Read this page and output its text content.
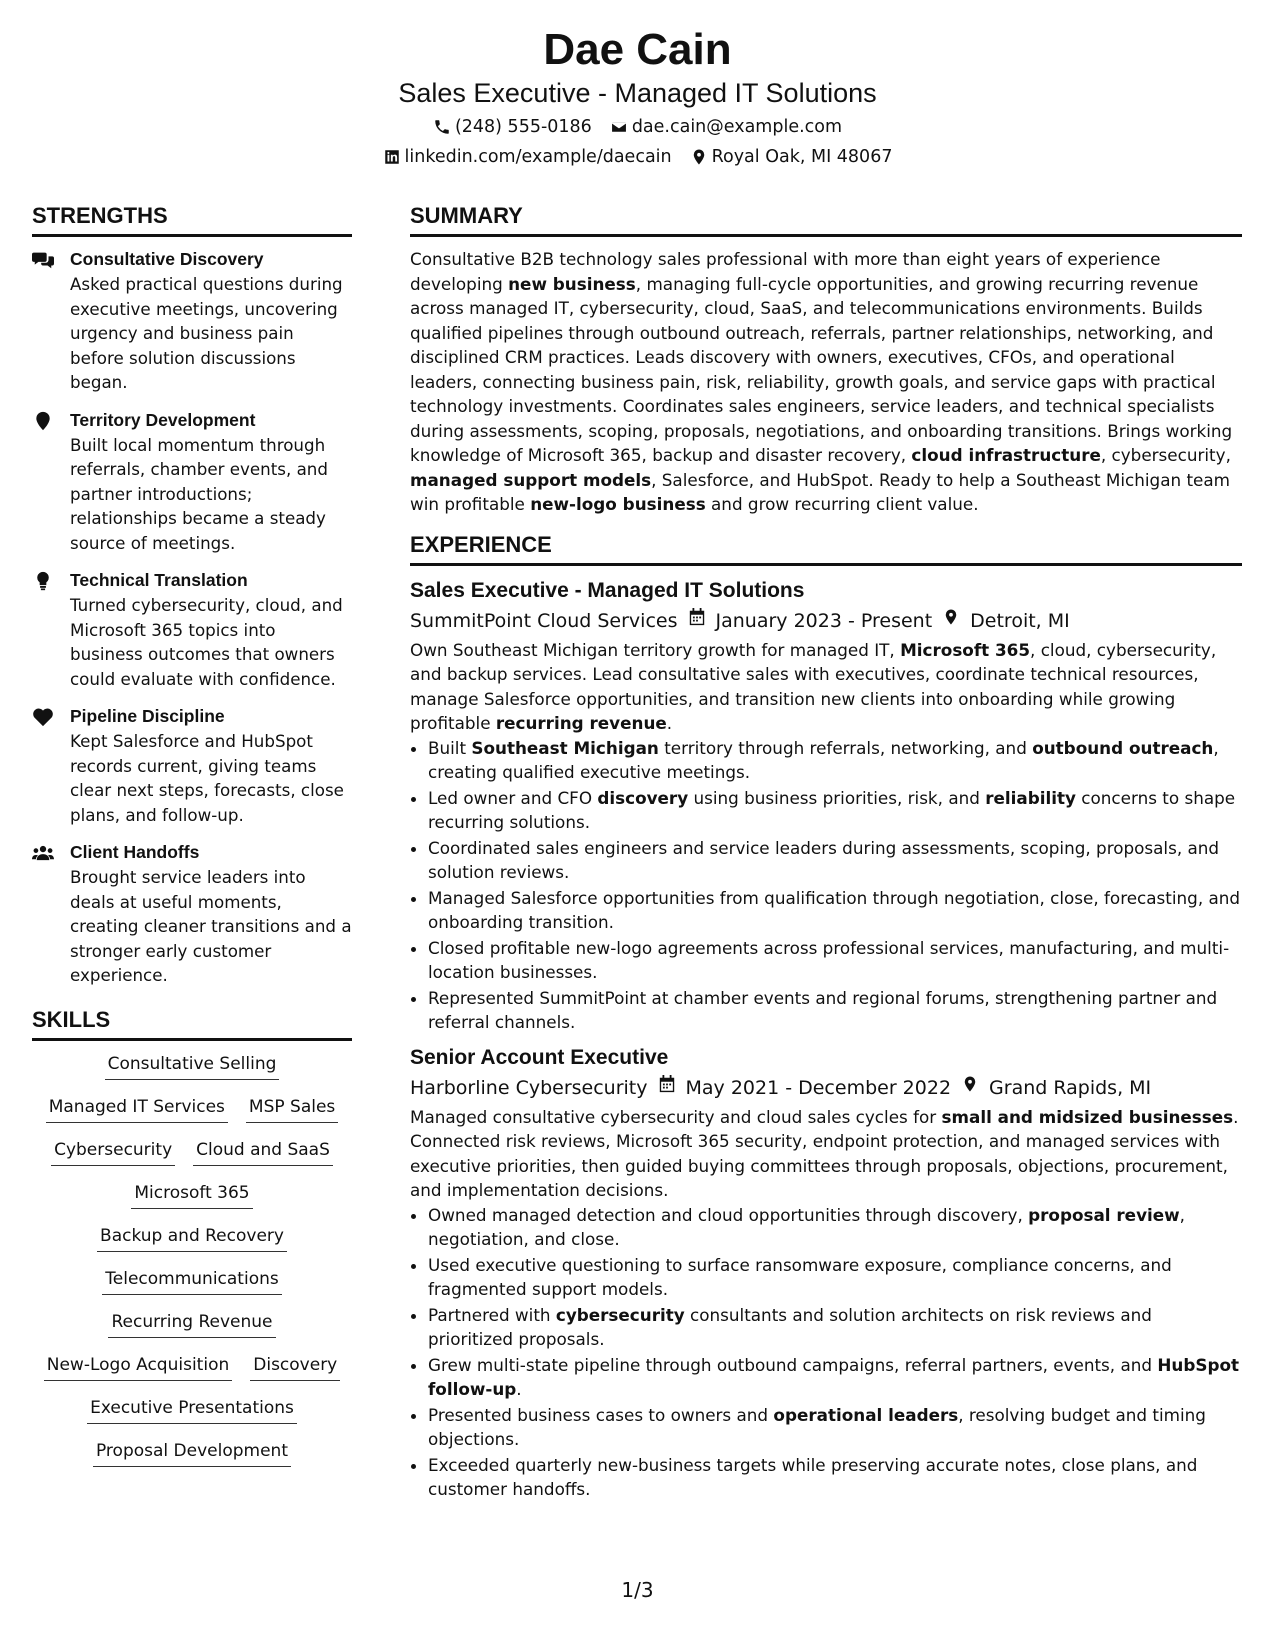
Dae Cain
Sales Executive - Managed IT Solutions
(248) 555-0186 dae.cain@example.com
linkedin.com/example/daecain Royal Oak, MI 48067
STRENGTHS
Consultative Discovery
Asked practical questions during executive meetings, uncovering urgency and business pain before solution discussions began.
Territory Development
Built local momentum through referrals, chamber events, and partner introductions; relationships became a steady source of meetings.
Technical Translation
Turned cybersecurity, cloud, and Microsoft 365 topics into business outcomes that owners could evaluate with confidence.
Pipeline Discipline
Kept Salesforce and HubSpot records current, giving teams clear next steps, forecasts, close plans, and follow-up.
Client Handoffs
Brought service leaders into deals at useful moments, creating cleaner transitions and a stronger early customer experience.
SKILLS
Consultative Selling
Managed IT Services MSP Sales
Cybersecurity Cloud and SaaS
Microsoft 365
Backup and Recovery
Telecommunications
Recurring Revenue
New-Logo Acquisition Discovery
Executive Presentations
Proposal Development
SUMMARY

Consultative B2B technology sales professional with more than eight years of experience developing new business, managing full-cycle opportunities, and growing recurring revenue across managed IT, cybersecurity, cloud, SaaS, and telecommunications environments. Builds qualified pipelines through outbound outreach, referrals, partner relationships, networking, and disciplined CRM practices. Leads discovery with owners, executives, CFOs, and operational leaders, connecting business pain, risk, reliability, growth goals, and service gaps with practical technology investments. Coordinates sales engineers, service leaders, and technical specialists during assessments, scoping, proposals, negotiations, and onboarding transitions. Brings working knowledge of Microsoft 365, backup and disaster recovery, cloud infrastructure, cybersecurity, managed support models, Salesforce, and HubSpot. Ready to help a Southeast Michigan team win profitable new-logo business and grow recurring client value.

EXPERIENCE
Sales Executive - Managed IT Solutions
SummitPoint Cloud Services January 2023 - Present Detroit, MI

Own Southeast Michigan territory growth for managed IT, Microsoft 365, cloud, cybersecurity, and backup services. Lead consultative sales with executives, coordinate technical resources, manage Salesforce opportunities, and transition new clients into onboarding while growing profitable recurring revenue.

• Built Southeast Michigan territory through referrals, networking, and outbound outreach, creating qualified executive meetings.
• Led owner and CFO discovery using business priorities, risk, and reliability concerns to shape recurring solutions.
• Coordinated sales engineers and service leaders during assessments, scoping, proposals, and solution reviews.
• Managed Salesforce opportunities from qualification through negotiation, close, forecasting, and onboarding transition.
• Closed profitable new-logo agreements across professional services, manufacturing, and multi-location businesses.
• Represented SummitPoint at chamber events and regional forums, strengthening partner and referral channels.
Senior Account Executive
Harborline Cybersecurity May 2021 - December 2022 Grand Rapids, MI

Managed consultative cybersecurity and cloud sales cycles for small and midsized businesses. Connected risk reviews, Microsoft 365 security, endpoint protection, and managed services with executive priorities, then guided buying committees through proposals, objections, procurement, and implementation decisions.

• Owned managed detection and cloud opportunities through discovery, proposal review, negotiation, and close.
• Used executive questioning to surface ransomware exposure, compliance concerns, and fragmented support models.
• Partnered with cybersecurity consultants and solution architects on risk reviews and prioritized proposals.
• Grew multi-state pipeline through outbound campaigns, referral partners, events, and HubSpot follow-up.
• Presented business cases to owners and operational leaders, resolving budget and timing objections.
• Exceeded quarterly new-business targets while preserving accurate notes, close plans, and customer handoffs.
1/3
